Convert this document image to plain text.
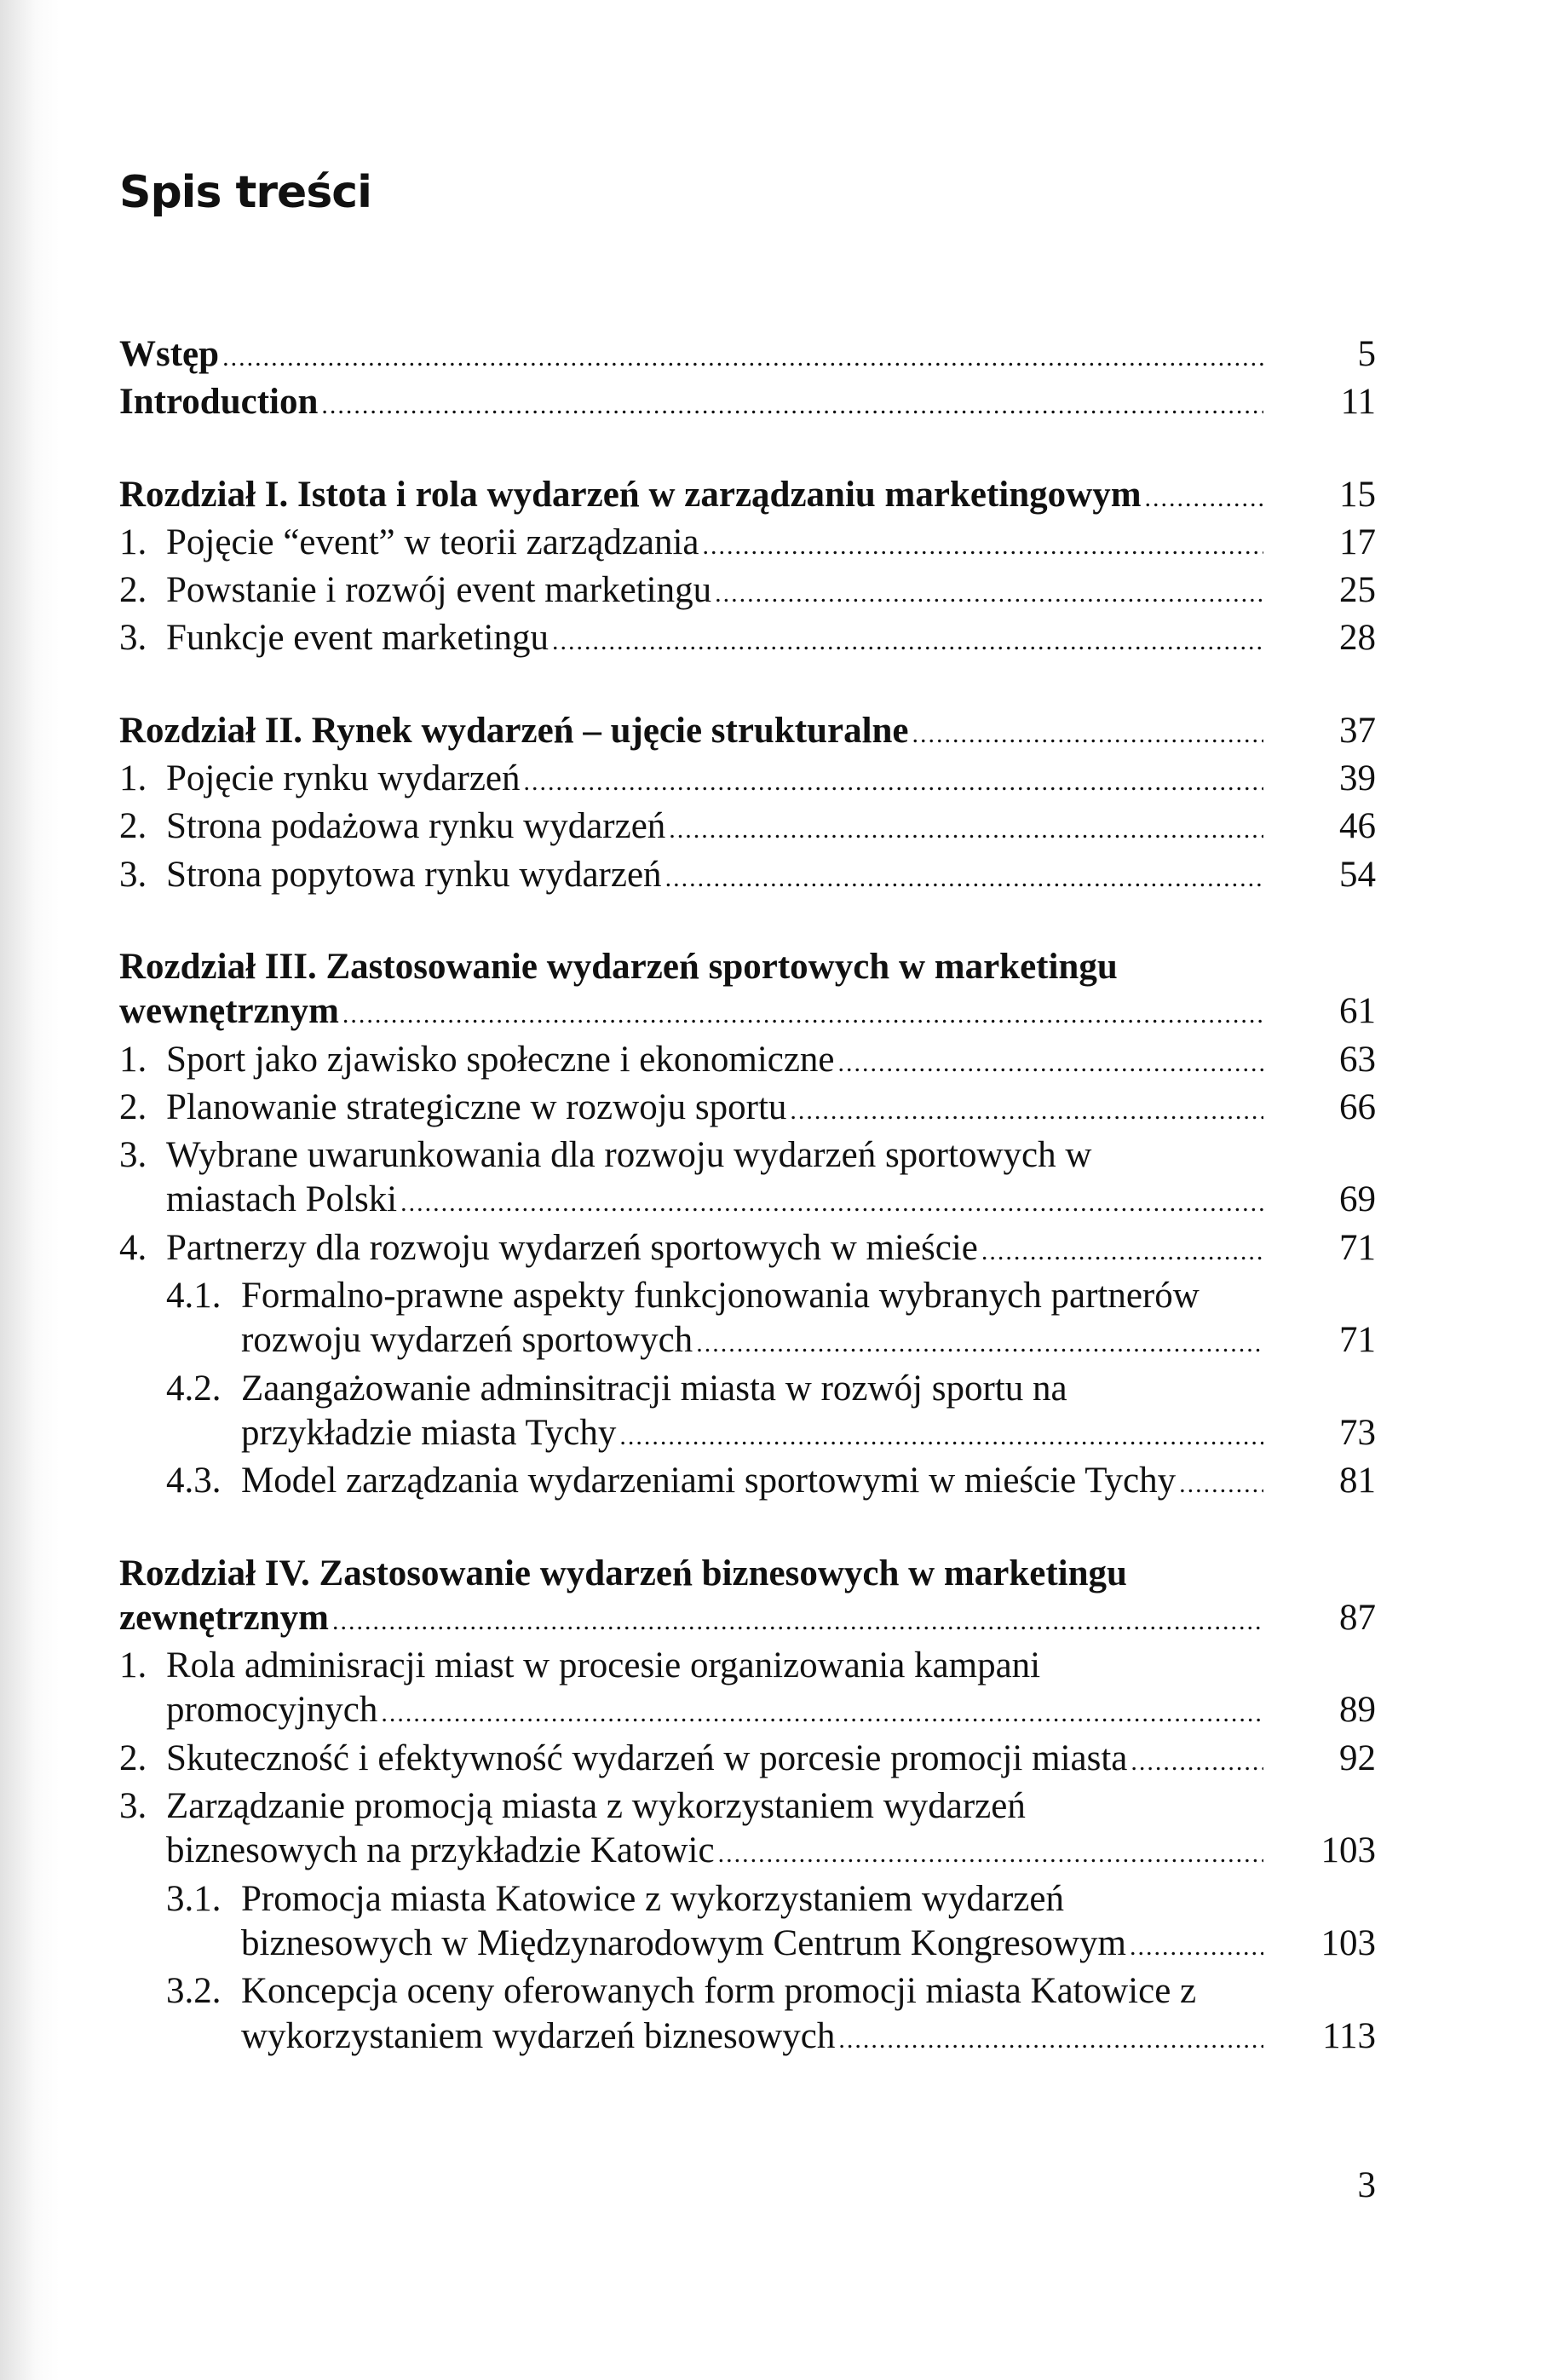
Spis treści
Wstęp .....	5
Introduction .....	11
Rozdział I. Istota i rola wydarzeń w zarządzaniu marketingowym .....	15
1. Pojęcie “event” w teorii zarządzania .....	17
2. Powstanie i rozwój event marketingu .....	25
3. Funkcje event marketingu .....	28
Rozdział II. Rynek wydarzeń – ujęcie strukturalne .....	37
1. Pojęcie rynku wydarzeń .....	39
2. Strona podażowa rynku wydarzeń .....	46
3. Strona popytowa rynku wydarzeń .....	54
Rozdział III. Zastosowanie wydarzeń sportowych w marketingu
wewnętrznym .....	61
1. Sport jako zjawisko społeczne i ekonomiczne .....	63
2. Planowanie strategiczne w rozwoju sportu .....	66
3. Wybrane uwarunkowania dla rozwoju wydarzeń sportowych w
miastach Polski .....	69
4. Partnerzy dla rozwoju wydarzeń sportowych w mieście .....	71
4.1. Formalno-prawne aspekty funkcjonowania wybranych partnerów
rozwoju wydarzeń sportowych .....	71
4.2. Zaangażowanie adminsitracji miasta w rozwój sportu na
przykładzie miasta Tychy .....	73
4.3. Model zarządzania wydarzeniami sportowymi w mieście Tychy .....	81
Rozdział IV. Zastosowanie wydarzeń biznesowych w marketingu
zewnętrznym .....	87
1. Rola adminisracji miast w procesie organizowania kampani
promocyjnych .....	89
2. Skuteczność i efektywność wydarzeń w porcesie promocji miasta .....	92
3. Zarządzanie promocją miasta z wykorzystaniem wydarzeń
biznesowych na przykładzie Katowic .....	103
3.1. Promocja miasta Katowice z wykorzystaniem wydarzeń
biznesowych w Międzynarodowym Centrum Kongresowym .....	103
3.2. Koncepcja oceny oferowanych form promocji miasta Katowice z
wykorzystaniem wydarzeń biznesowych .....	113
3
